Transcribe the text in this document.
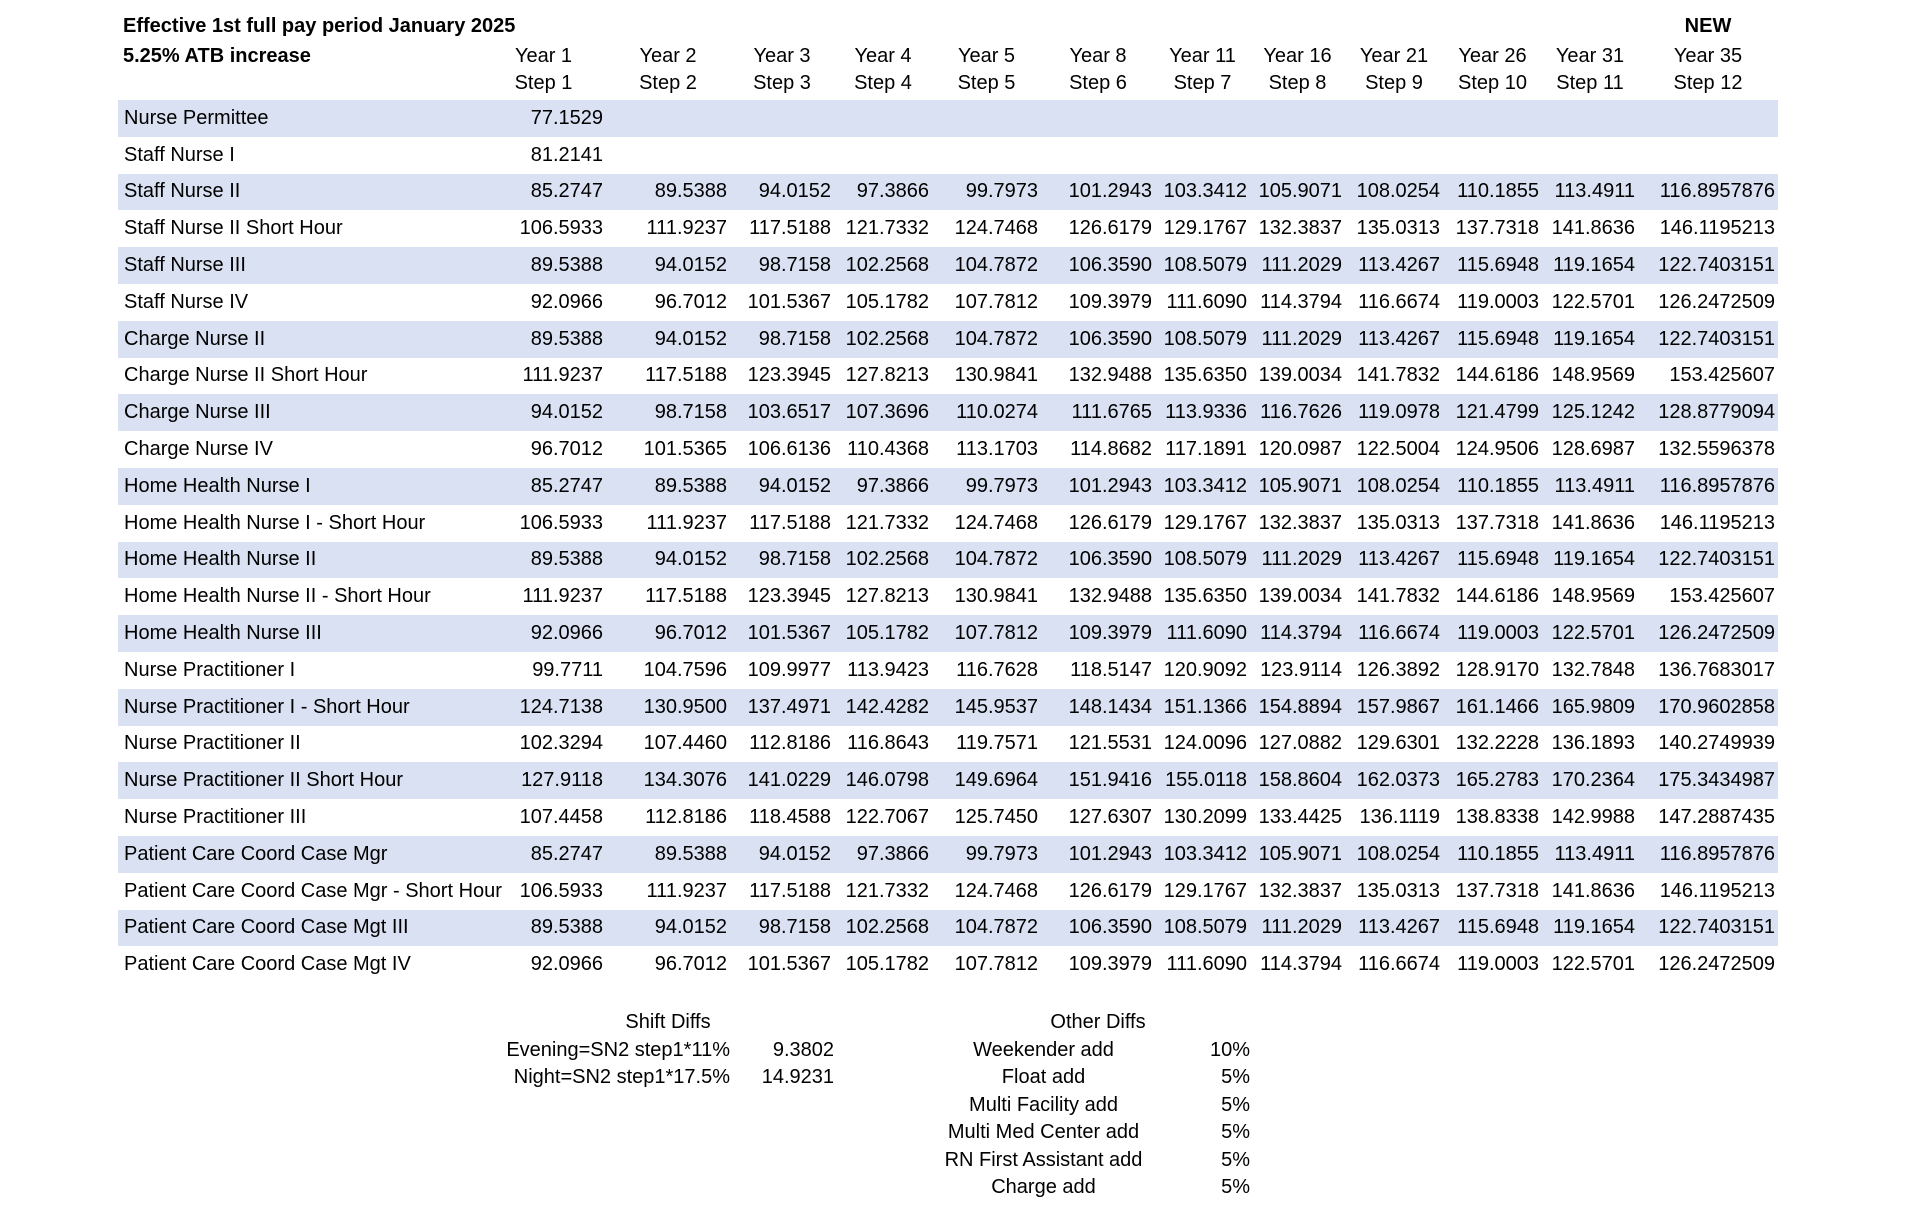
Effective 1st full pay period January 2025	NEW
5.25% ATB increase	Year 1	Year 2	Year 3	Year 4	Year 5	Year 8	Year 11	Year 16	Year 21	Year 26	Year 31	Year 35
Step 1	Step 2	Step 3	Step 4	Step 5	Step 6	Step 7	Step 8	Step 9	Step 10	Step 11	Step 12
Nurse Permittee	77.1529
Staff Nurse I	81.2141
Staff Nurse II	85.2747	89.5388	94.0152	97.3866	99.7973	101.2943 103.3412 105.9071 108.0254 110.1855 113.4911	116.8957876
Staff Nurse II Short Hour	106.5933	111.9237	117.5188 121.7332	124.7468	126.6179 129.1767 132.3837 135.0313 137.7318 141.8636	146.1195213
Staff Nurse III	89.5388	94.0152	98.7158 102.2568	104.7872	106.3590 108.5079 111.2029 113.4267 115.6948 119.1654	122.7403151
Staff Nurse IV	92.0966	96.7012	101.5367 105.1782	107.7812	109.3979 111.6090 114.3794 116.6674 119.0003 122.5701	126.2472509
Charge Nurse II	89.5388	94.0152	98.7158 102.2568	104.7872	106.3590 108.5079 111.2029 113.4267 115.6948 119.1654	122.7403151
Charge Nurse II Short Hour	111.9237	117.5188	123.3945 127.8213	130.9841	132.9488 135.6350 139.0034 141.7832 144.6186 148.9569	153.425607
Charge Nurse III	94.0152	98.7158	103.6517 107.3696	110.0274	111.6765 113.9336 116.7626 119.0978 121.4799 125.1242	128.8779094
Charge Nurse IV	96.7012	101.5365	106.6136 110.4368	113.1703	114.8682 117.1891 120.0987 122.5004 124.9506 128.6987	132.5596378
Home Health Nurse I	85.2747	89.5388	94.0152	97.3866	99.7973	101.2943 103.3412 105.9071 108.0254 110.1855 113.4911	116.8957876
Home Health Nurse I - Short Hour	106.5933	111.9237	117.5188 121.7332	124.7468	126.6179 129.1767 132.3837 135.0313 137.7318 141.8636	146.1195213
Home Health Nurse II	89.5388	94.0152	98.7158 102.2568	104.7872	106.3590 108.5079 111.2029 113.4267 115.6948 119.1654	122.7403151
Home Health Nurse II - Short Hour	111.9237	117.5188	123.3945 127.8213	130.9841	132.9488 135.6350 139.0034 141.7832 144.6186 148.9569	153.425607
Home Health Nurse III	92.0966	96.7012	101.5367 105.1782	107.7812	109.3979 111.6090 114.3794 116.6674 119.0003 122.5701	126.2472509
Nurse Practitioner I	99.7711	104.7596	109.9977 113.9423	116.7628	118.5147 120.9092 123.9114 126.3892 128.9170 132.7848	136.7683017
Nurse Practitioner I - Short Hour	124.7138	130.9500	137.4971 142.4282	145.9537	148.1434 151.1366 154.8894 157.9867 161.1466 165.9809	170.9602858
Nurse Practitioner II	102.3294	107.4460	112.8186 116.8643	119.7571	121.5531 124.0096 127.0882 129.6301 132.2228 136.1893	140.2749939
Nurse Practitioner II Short Hour	127.9118	134.3076	141.0229 146.0798	149.6964	151.9416 155.0118 158.8604 162.0373 165.2783 170.2364	175.3434987
Nurse Practitioner III	107.4458	112.8186	118.4588 122.7067	125.7450	127.6307 130.2099 133.4425 136.1119 138.8338 142.9988	147.2887435
Patient Care Coord Case Mgr	85.2747	89.5388	94.0152	97.3866	99.7973	101.2943 103.3412 105.9071 108.0254 110.1855 113.4911	116.8957876
Patient Care Coord Case Mgr - Short Hour 106.5933	111.9237	117.5188 121.7332	124.7468	126.6179 129.1767 132.3837 135.0313 137.7318 141.8636	146.1195213
Patient Care Coord Case Mgt III	89.5388	94.0152	98.7158 102.2568	104.7872	106.3590 108.5079 111.2029 113.4267 115.6948 119.1654	122.7403151
Patient Care Coord Case Mgt IV	92.0966	96.7012	101.5367 105.1782	107.7812	109.3979 111.6090 114.3794 116.6674 119.0003 122.5701	126.2472509
Shift Diffs
Evening=SN2 step1*11%	9.3802
Night=SN2 step1*17.5%	14.9231
Other Diffs
Weekender add	10%
Float add	5%
Multi Facility add	5%
Multi Med Center add	5%
RN First Assistant add	5%
Charge add	5%
